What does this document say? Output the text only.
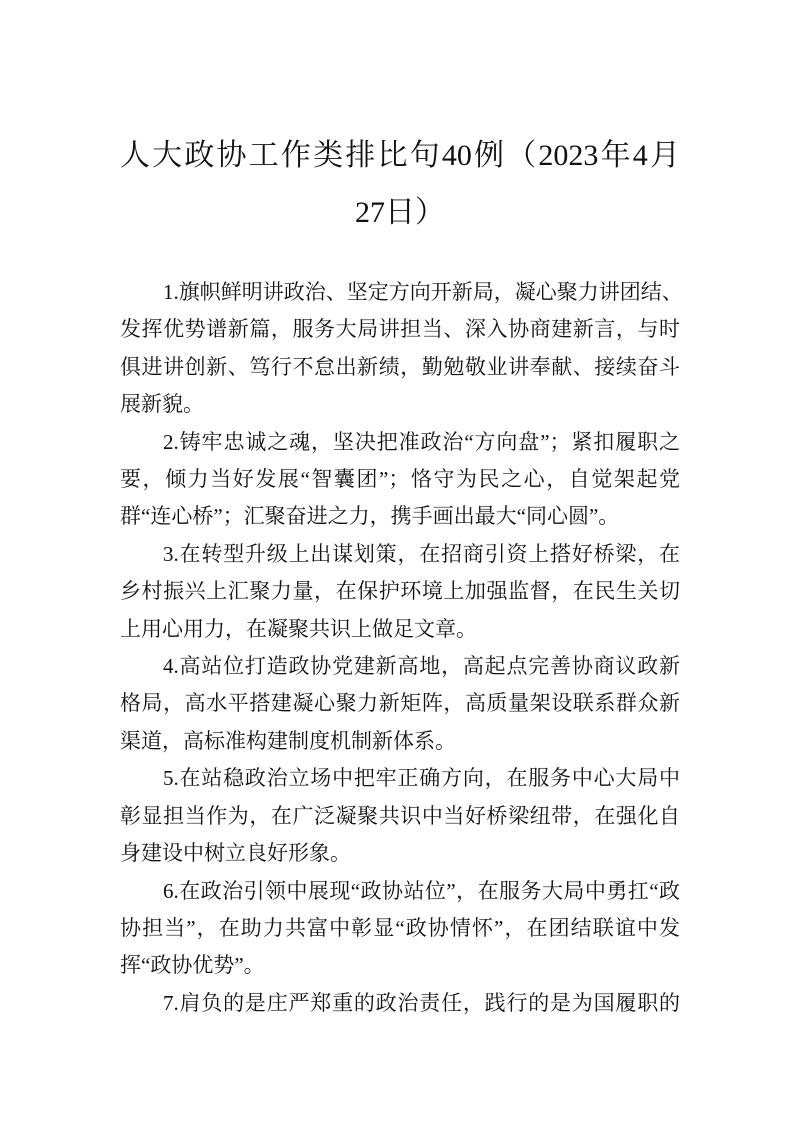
人大政协工作类排比句40例（2023年4月
27日）
1.旗帜鲜明讲政治、坚定方向开新局，凝心聚力讲团结、
发挥优势谱新篇，服务大局讲担当、深入协商建新言，与时
俱进讲创新、笃行不怠出新绩，勤勉敬业讲奉献、接续奋斗
展新貌。
2.铸牢忠诚之魂，坚决把准政治“方向盘”；紧扣履职之
要，倾力当好发展“智囊团”；恪守为民之心，自觉架起党
群“连心桥”；汇聚奋进之力，携手画出最大“同心圆”。
3.在转型升级上出谋划策，在招商引资上搭好桥梁，在
乡村振兴上汇聚力量，在保护环境上加强监督，在民生关切
上用心用力，在凝聚共识上做足文章。
4.高站位打造政协党建新高地，高起点完善协商议政新
格局，高水平搭建凝心聚力新矩阵，高质量架设联系群众新
渠道，高标准构建制度机制新体系。
5.在站稳政治立场中把牢正确方向，在服务中心大局中
彰显担当作为，在广泛凝聚共识中当好桥梁纽带，在强化自
身建设中树立良好形象。
6.在政治引领中展现“政协站位”，在服务大局中勇扛“政
协担当”，在助力共富中彰显“政协情怀”，在团结联谊中发
挥“政协优势”。
7.肩负的是庄严郑重的政治责任，践行的是为国履职的
